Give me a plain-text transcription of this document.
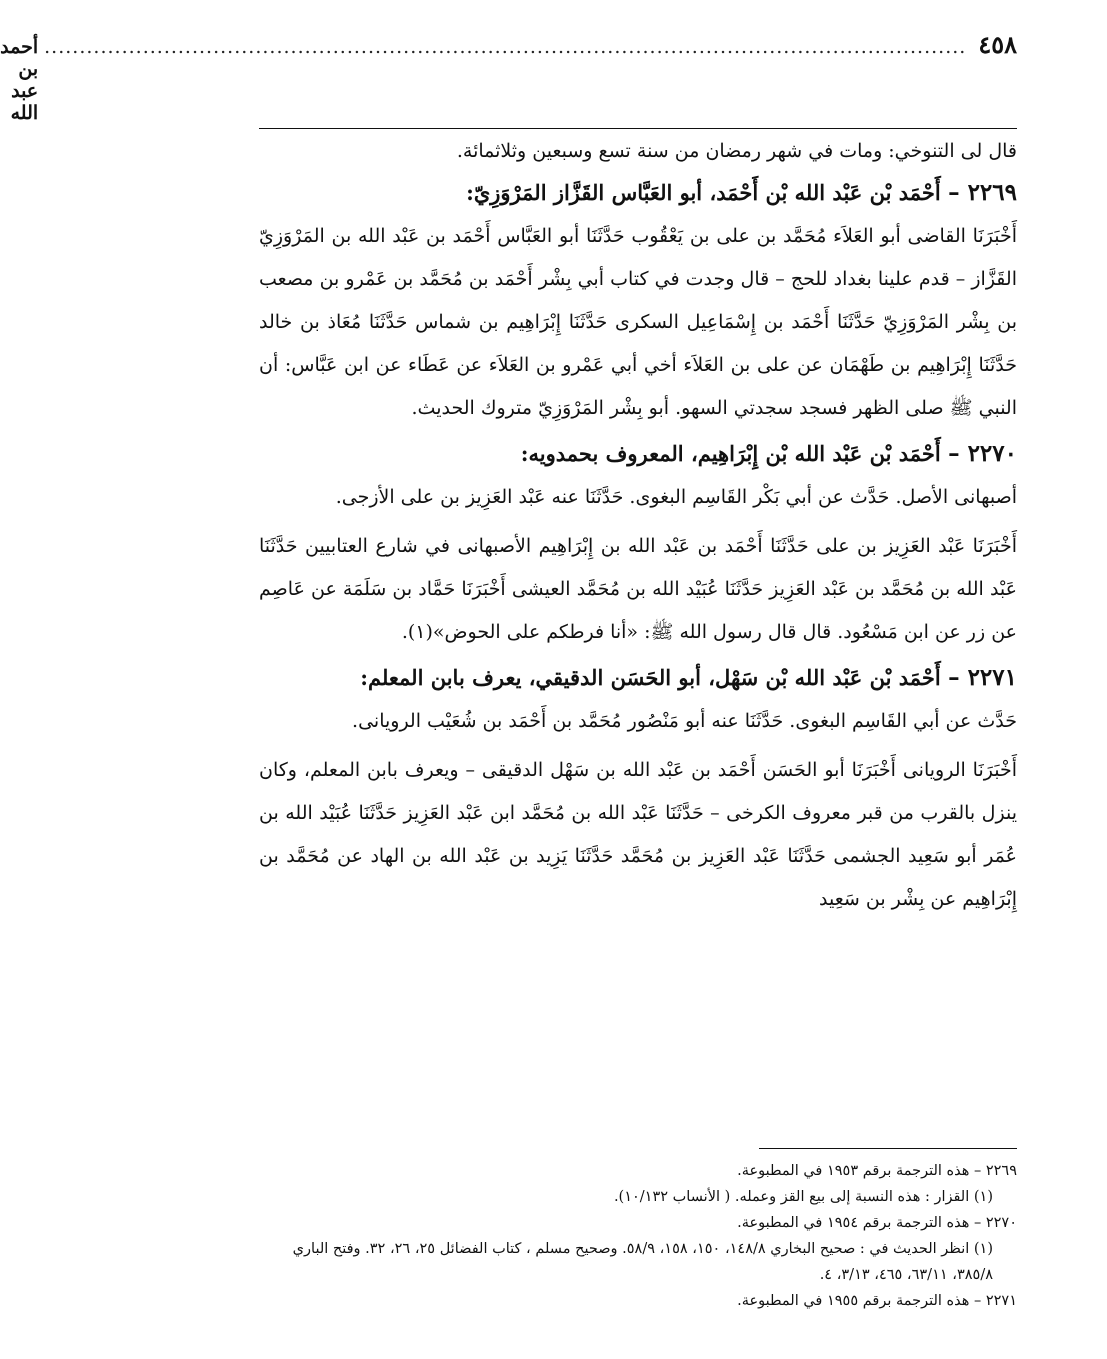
٤٥٨
...................................................................................................................................
أحمد بن عبد الله

قال لى التنوخي: ومات في شهر رمضان من سنة تسع وسبعين وثلاثمائة.

٢٢٦٩ – أَحْمَد بْن عَبْد الله بْن أَحْمَد، أبو العَبَّاس القَزَّاز المَرْوَزِيّ:

أَخْبَرَنَا القاضى أبو العَلاَء مُحَمَّد بن على بن يَعْقُوب حَدَّثَنَا أبو العَبَّاس أَحْمَد بن عَبْد الله بن المَرْوَزِيّ القَزَّاز – قدم علينا بغداد للحج – قال وجدت في كتاب أبي بِشْر أَحْمَد بن مُحَمَّد بن عَمْرو بن مصعب بن بِشْر المَرْوَزِيّ حَدَّثَنَا أَحْمَد بن إِسْمَاعِيل السكرى حَدَّثَنَا إِبْرَاهِيم بن شماس حَدَّثَنَا مُعَاذ بن خالد حَدَّثَنَا إِبْرَاهِيم بن طَهْمَان عن على بن العَلاَء أخي أبي عَمْرو بن العَلاَء عن عَطَاء عن ابن عَبَّاس: أن النبي ﷺ صلى الظهر فسجد سجدتي السهو. أبو بِشْر المَرْوَزِيّ متروك الحديث.

٢٢٧٠ – أَحْمَد بْن عَبْد الله بْن إِبْرَاهِيم، المعروف بحمدويه:

أصبهانى الأصل. حَدَّث عن أبي بَكْر القَاسِم البغوى. حَدَّثَنَا عنه عَبْد العَزِيز بن على الأزجى.

أَخْبَرَنَا عَبْد العَزِيز بن على حَدَّثَنَا أَحْمَد بن عَبْد الله بن إِبْرَاهِيم الأصبهانى في شارع العتابيين حَدَّثَنَا عَبْد الله بن مُحَمَّد بن عَبْد العَزِيز حَدَّثَنَا عُبَيْد الله بن مُحَمَّد العيشى أَخْبَرَنَا حَمَّاد بن سَلَمَة عن عَاصِم عن زر عن ابن مَسْعُود. قال قال رسول الله ﷺ: «أنا فرطكم على الحوض»(١).

٢٢٧١ – أَحْمَد بْن عَبْد الله بْن سَهْل، أبو الحَسَن الدقيقي، يعرف بابن المعلم:

حَدَّث عن أبي القَاسِم البغوى. حَدَّثَنَا عنه أبو مَنْصُور مُحَمَّد بن أَحْمَد بن شُعَيْب الرويانى.

أَخْبَرَنَا الرويانى أَخْبَرَنَا أبو الحَسَن أَحْمَد بن عَبْد الله بن سَهْل الدقيقى – ويعرف بابن المعلم، وكان ينزل بالقرب من قبر معروف الكرخى – حَدَّثَنَا عَبْد الله بن مُحَمَّد ابن عَبْد العَزِيز حَدَّثَنَا عُبَيْد الله بن عُمَر أبو سَعِيد الجشمى حَدَّثَنَا عَبْد العَزِيز بن مُحَمَّد حَدَّثَنَا يَزِيد بن عَبْد الله بن الهاد عن مُحَمَّد بن إِبْرَاهِيم عن بِشْر بن سَعِيد

٢٢٦٩ – هذه الترجمة برقم ١٩٥٣ في المطبوعة.

(١) القزار : هذه النسبة إلى بيع القز وعمله. ( الأنساب ١٠/١٣٢).

٢٢٧٠ – هذه الترجمة برقم ١٩٥٤ في المطبوعة.

(١) انظر الحديث في : صحيح البخاري ١٤٨/٨، ١٥٠، ١٥٨، ٥٨/٩. وصحيح مسلم ، كتاب الفضائل ٢٥، ٢٦، ٣٢. وفتح الباري ٣٨٥/٨، ٦٣/١١، ٤٦٥، ٣/١٣، ٤.

٢٢٧١ – هذه الترجمة برقم ١٩٥٥ في المطبوعة.
